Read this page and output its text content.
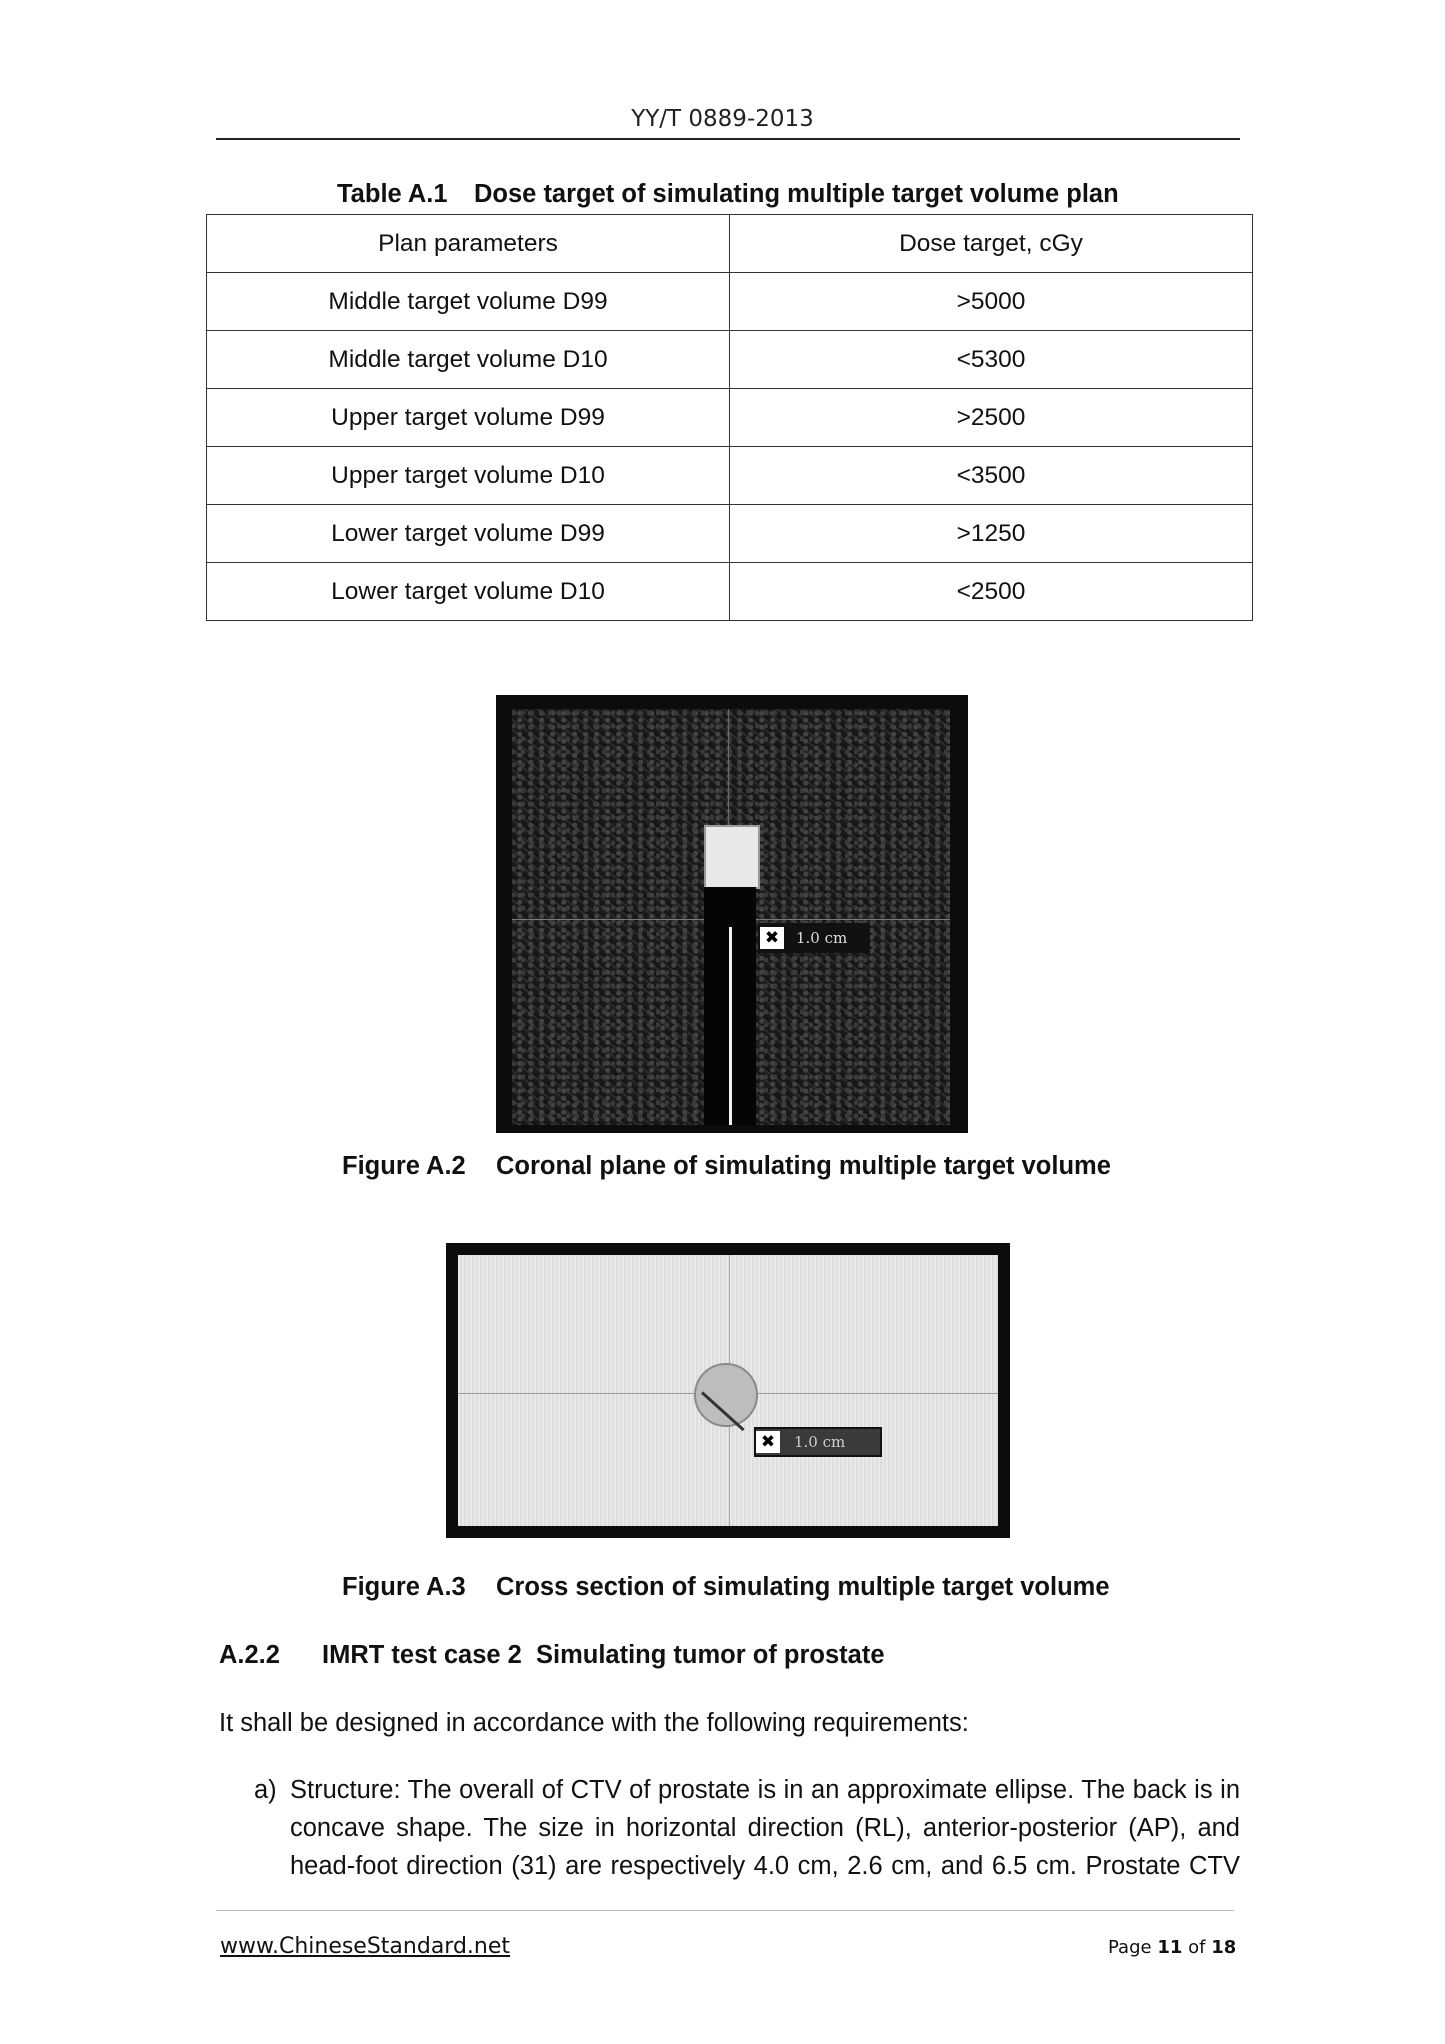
YY/T 0889-2013
Table A.1 Dose target of simulating multiple target volume plan
Plan parameters	Dose target, cGy
Middle target volume D99	>5000
Middle target volume D10	<5300
Upper target volume D99	>2500
Upper target volume D10	<3500
Lower target volume D99	>1250
Lower target volume D10	<2500
✖	1.0 cm
Figure A.2 Coronal plane of simulating multiple target volume
✖	1.0 cm
Figure A.3 Cross section of simulating multiple target volume
A.2.2 IMRT test case 2  Simulating tumor of prostate
It shall be designed in accordance with the following requirements:
a) Structure: The overall of CTV of prostate is in an approximate ellipse. The back is in
concave shape. The size in horizontal direction (RL), anterior-posterior (AP), and
head-foot direction (31) are respectively 4.0 cm, 2.6 cm, and 6.5 cm. Prostate CTV
www.ChineseStandard.net	Page 11 of 18
